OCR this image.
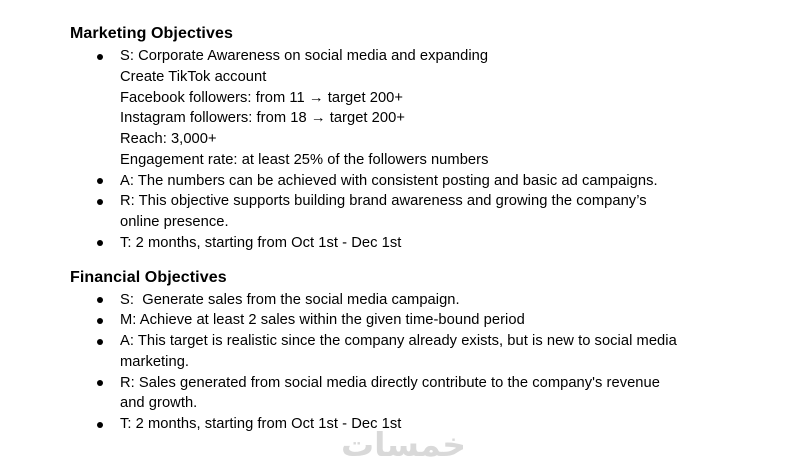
Marketing Objectives
S: Corporate Awareness on social media and expanding
Create TikTok account
Facebook followers: from 11 → target 200+
Instagram followers: from 18 → target 200+
Reach: 3,000+
Engagement rate: at least 25% of the followers numbers
A: The numbers can be achieved with consistent posting and basic ad campaigns.
R: This objective supports building brand awareness and growing the company’s
online presence.
T: 2 months, starting from Oct 1st - Dec 1st
Financial Objectives
S:  Generate sales from the social media campaign.
M: Achieve at least 2 sales within the given time-bound period
A: This target is realistic since the company already exists, but is new to social media
marketing.
R: Sales generated from social media directly contribute to the company's revenue
and growth.
T: 2 months, starting from Oct 1st - Dec 1st
خمسات
